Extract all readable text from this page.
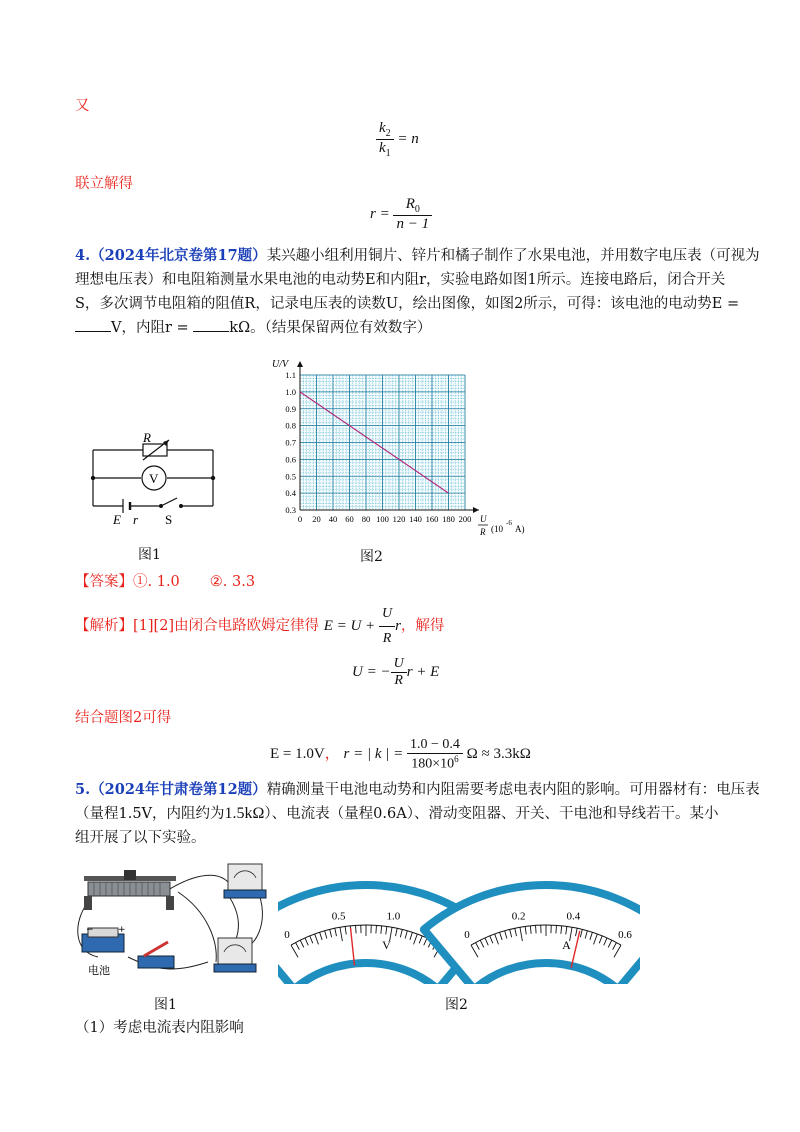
又
$\frac{k_2}{k_1} = n$
联立解得
$r = \frac{R_0}{n - 1}$
4.（2024年北京卷第17题）某兴趣小组利用铜片、锌片和橘子制作了水果电池，并用数字电压表（可视为
理想电压表）和电阻箱测量水果电池的电动势E和内阻r，实验电路如图1所示。连接电路后，闭合开关
S，多次调节电阻箱的阻值R，记录电压表的读数U，绘出图像，如图2所示，可得：该电池的电动势E =
V，内阻r =	kΩ。（结果保留两位有效数字）
R
V
E r S
图1
0 20 40 60 80 100 120 140 160 180 200
0.3
0.4
0.5
0.6
0.7
0.8
0.9
1.0
1.1
U/V
U
R (10
-6
A)
图2
【答案】①. 1.0 ②. 3.3
【解析】[1][2]由闭合电路欧姆定律得 $E = U + \frac{U}{R}$ r，解得
U = − $\frac{U}{R}$ r + E
结合题图2可得
E = 1.0V， r = | k | = $\frac{1.0 - 0.4}{180\times 10^6}$ Ω ≈ 3.3kΩ
5.（2024年甘肃卷第12题）精确测量干电池电动势和内阻需要考虑电表内阻的影响。可用器材有：电压表
（量程1.5V，内阻约为1.5kΩ）、电流表（量程0.6A）、滑动变阻器、开关、干电池和导线若干。某小
组开展了以下实验。
−	+
电池
图1
0
0.5	1.0
V
0
0.2	0.4
0.6
A
图2
（1）考虑电流表内阻影响
